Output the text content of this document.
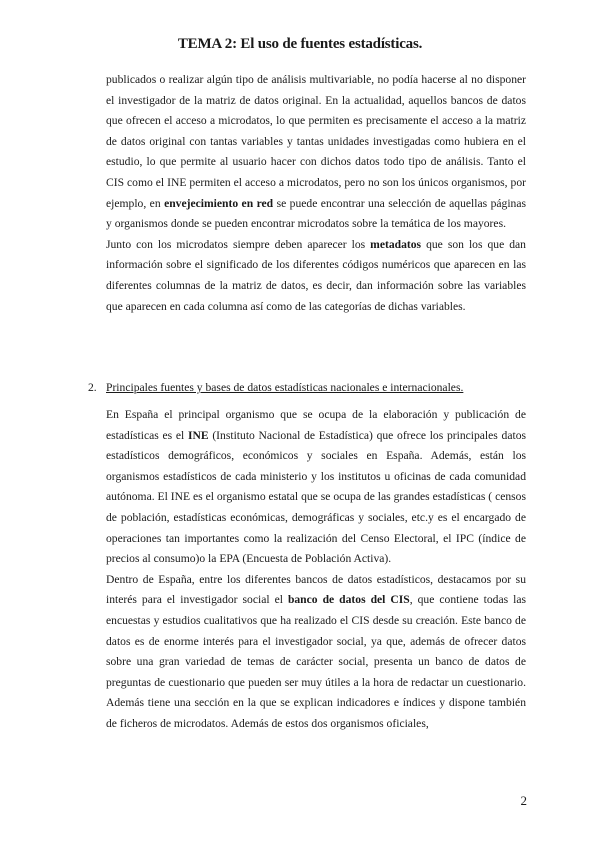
TEMA 2: El uso de fuentes estadísticas.

publicados o realizar algún tipo de análisis multivariable, no podía hacerse al no disponer el investigador de la matriz de datos original. En la actualidad, aquellos bancos de datos que ofrecen el acceso a microdatos, lo que permiten es precisamente el acceso a la matriz de datos original con tantas variables y tantas unidades investigadas como hubiera en el estudio, lo que permite al usuario hacer con dichos datos todo tipo de análisis. Tanto el CIS como el INE permiten el acceso a microdatos, pero no son los únicos organismos, por ejemplo, en envejecimiento en red se puede encontrar una selección de aquellas páginas y organismos donde se pueden encontrar microdatos sobre la temática de los mayores.

Junto con los microdatos siempre deben aparecer los metadatos que son los que dan información sobre el significado de los diferentes códigos numéricos que aparecen en las diferentes columnas de la matriz de datos, es decir, dan información sobre las variables que aparecen en cada columna así como de las categorías de dichas variables.

2. Principales fuentes y bases de datos estadísticas nacionales e internacionales.

En España el principal organismo que se ocupa de la elaboración y publicación de estadísticas es el INE (Instituto Nacional de Estadística) que ofrece los principales datos estadísticos demográficos, económicos y sociales en España. Además, están los organismos estadísticos de cada ministerio y los institutos u oficinas de cada comunidad autónoma. El INE es el organismo estatal que se ocupa de las grandes estadísticas ( censos de población, estadísticas económicas, demográficas y sociales, etc.y es el encargado de operaciones tan importantes como la realización del Censo Electoral, el IPC (índice de precios al consumo)o la EPA (Encuesta de Población Activa).

Dentro de España, entre los diferentes bancos de datos estadísticos, destacamos por su interés para el investigador social el banco de datos del CIS, que contiene todas las encuestas y estudios cualitativos que ha realizado el CIS desde su creación. Este banco de datos es de enorme interés para el investigador social, ya que, además de ofrecer datos sobre una gran variedad de temas de carácter social, presenta un banco de datos de preguntas de cuestionario que pueden ser muy útiles a la hora de redactar un cuestionario. Además tiene una sección en la que se explican indicadores e índices y dispone también de ficheros de microdatos. Además de estos dos organismos oficiales,

2
